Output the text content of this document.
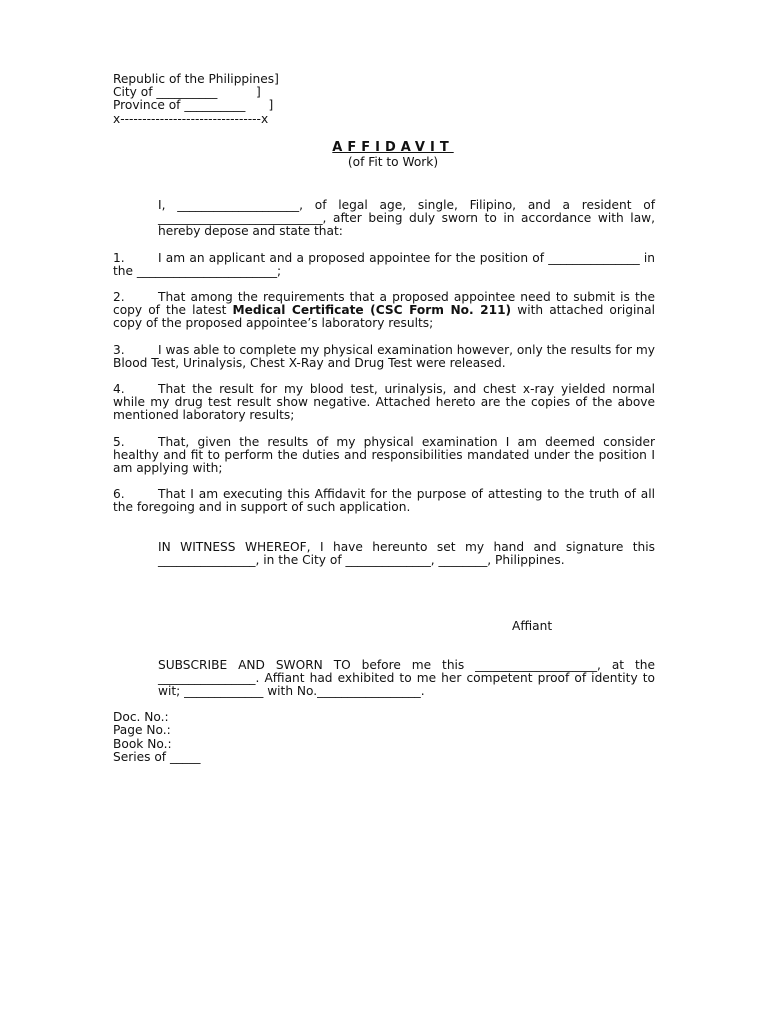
Republic of the Philippines]
City of __________          ]
Province of __________      ]
x--------------------------------x
AFFIDAVIT
(of Fit to Work)
I, ____________________, of legal age, single, Filipino, and a resident of ___________________________, after being duly sworn to in accordance with law, hereby depose and state that:
1.	I am an applicant and a proposed appointee for the position of _______________ in the _______________________;
2.	That among the requirements that a proposed appointee need to submit is the copy of the latest Medical Certificate (CSC Form No. 211) with attached original copy of the proposed appointee’s laboratory results;
3.	I was able to complete my physical examination however, only the results for my Blood Test, Urinalysis, Chest X-Ray and Drug Test were released.
4.	That the result for my blood test, urinalysis, and chest x-ray yielded normal while my drug test result show negative. Attached hereto are the copies of the above mentioned laboratory results;
5.	That, given the results of my physical examination I am deemed consider healthy and fit to perform the duties and responsibilities mandated under the position I am applying with;
6.	That I am executing this Affidavit for the purpose of attesting to the truth of all the foregoing and in support of such application.
IN WITNESS WHEREOF, I have hereunto set my hand and signature this ________________, in the City of ______________, ________, Philippines.
Affiant
SUBSCRIBE AND SWORN TO before me this ____________________, at the ________________. Affiant had exhibited to me her competent proof of identity to wit; _____________ with No._________________.
Doc. No.:
Page No.:
Book No.:
Series of _____
